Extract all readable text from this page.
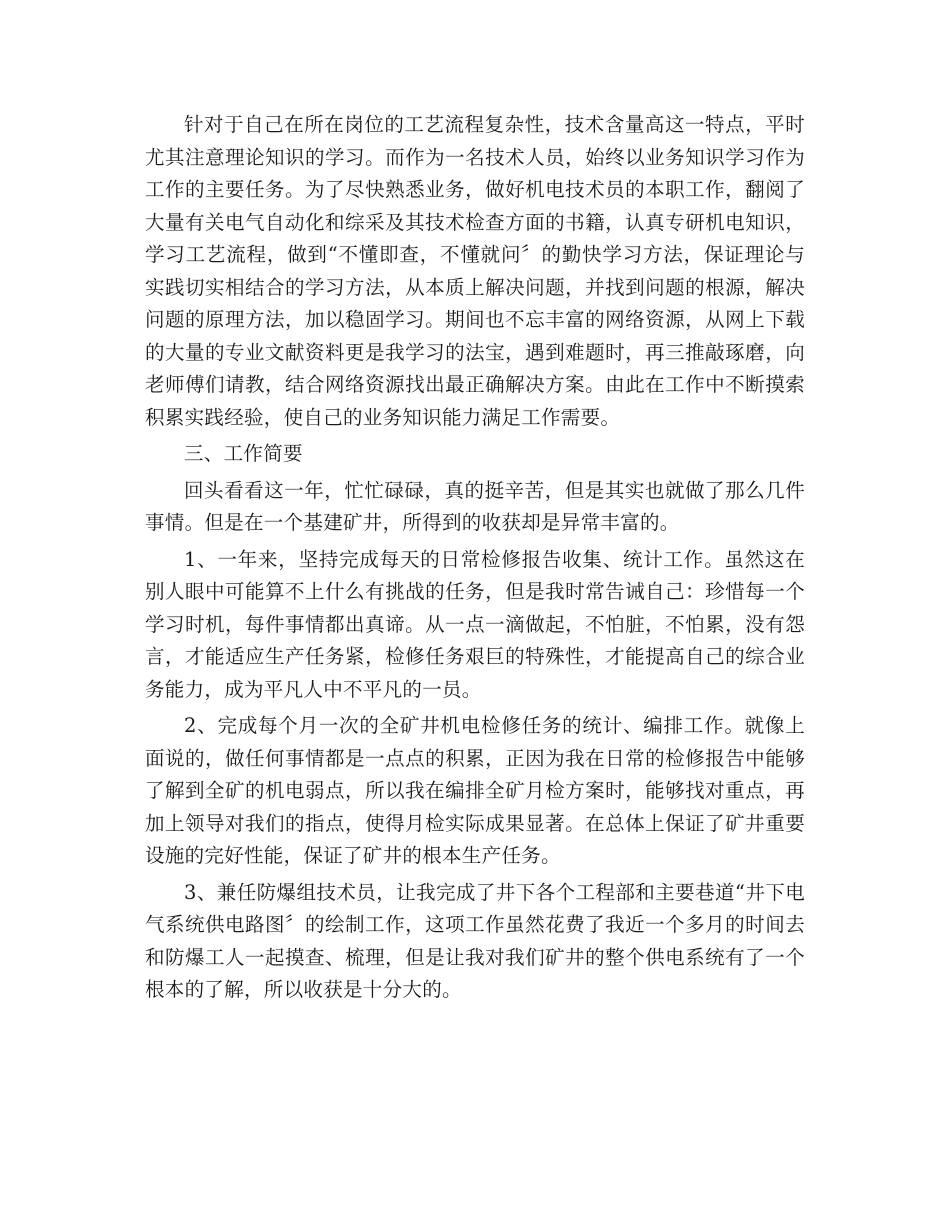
针对于自己在所在岗位的工艺流程复杂性，技术含量高这一特点，平时尤其注意理论知识的学习。而作为一名技术人员，始终以业务知识学习作为工作的主要任务。为了尽快熟悉业务，做好机电技术员的本职工作，翻阅了大量有关电气自动化和综采及其技术检查方面的书籍，认真专研机电知识，学习工艺流程，做到“不懂即查，不懂就问〞的勤快学习方法，保证理论与实践切实相结合的学习方法，从本质上解决问题，并找到问题的根源，解决问题的原理方法，加以稳固学习。期间也不忘丰富的网络资源，从网上下载的大量的专业文献资料更是我学习的法宝，遇到难题时，再三推敲琢磨，向老师傅们请教，结合网络资源找出最正确解决方案。由此在工作中不断摸索积累实践经验，使自己的业务知识能力满足工作需要。

三、工作简要

回头看看这一年，忙忙碌碌，真的挺辛苦，但是其实也就做了那么几件事情。但是在一个基建矿井，所得到的收获却是异常丰富的。

1、一年来，坚持完成每天的日常检修报告收集、统计工作。虽然这在别人眼中可能算不上什么有挑战的任务，但是我时常告诫自己：珍惜每一个学习时机，每件事情都出真谛。从一点一滴做起，不怕脏，不怕累，没有怨言，才能适应生产任务紧，检修任务艰巨的特殊性，才能提高自己的综合业务能力，成为平凡人中不平凡的一员。

2、完成每个月一次的全矿井机电检修任务的统计、编排工作。就像上面说的，做任何事情都是一点点的积累，正因为我在日常的检修报告中能够了解到全矿的机电弱点，所以我在编排全矿月检方案时，能够找对重点，再加上领导对我们的指点，使得月检实际成果显著。在总体上保证了矿井重要设施的完好性能，保证了矿井的根本生产任务。

3、兼任防爆组技术员，让我完成了井下各个工程部和主要巷道“井下电气系统供电路图〞的绘制工作，这项工作虽然花费了我近一个多月的时间去和防爆工人一起摸查、梳理，但是让我对我们矿井的整个供电系统有了一个根本的了解，所以收获是十分大的。
